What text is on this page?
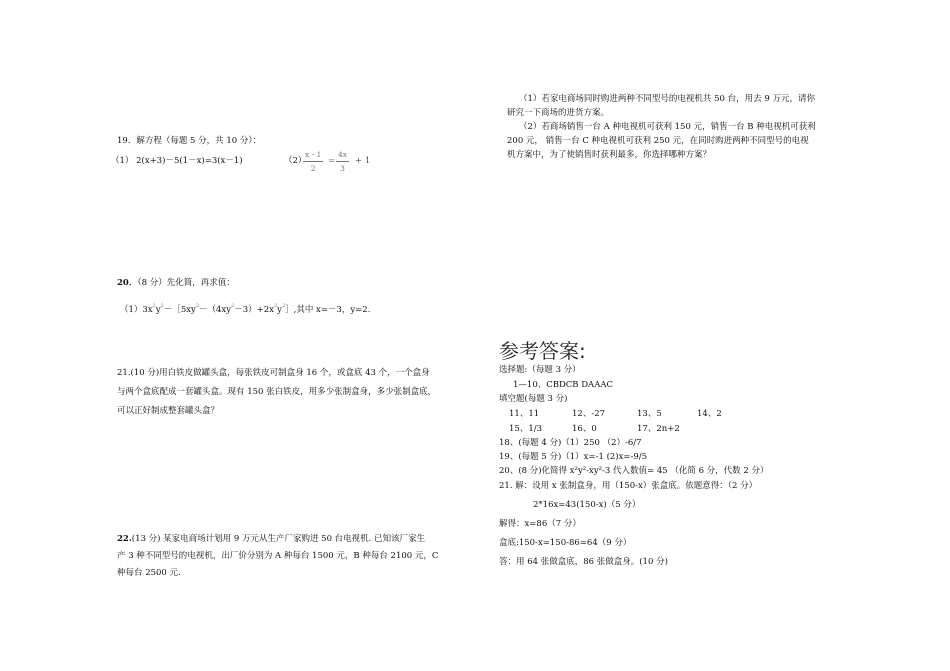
19．解方程（每题 5 分，共 10 分）：
（1） 2(x+3)－5(1－x)=3(x－1)	（2）
$\frac{x - 1}{2} = \frac{4x}{3} + 1$
20．（8 分）先化简，再求值：
$(1)3x^2y^2-[5xy^2-(4xy^2-3)+2x^2y^2]$,其中 x=－3，y=2.
21.(10 分)用白铁皮做罐头盒，每张铁皮可制盒身 16 个，或盒底 43 个，一个盒身
与两个盒底配成一套罐头盒。现有 150 张白铁皮，用多少张制盒身，多少张制盒底，
可以正好制成整套罐头盒？
22.(13 分) 某家电商场计划用 9 万元从生产厂家购进 50 台电视机. 已知该厂家生
产 3 种不同型号的电视机，出厂价分别为 A 种每台 1500 元，B 种每台 2100 元，C
种每台 2500 元.
（1）若家电商场同时购进两种不同型号的电视机共 50 台，用去 9 万元，请你
研究一下商场的进货方案。
（2）若商场销售一台 A 种电视机可获利 150 元，销售一台 B 种电视机可获利
200 元， 销售一台 C 种电视机可获利 250 元，在同时购进两种不同型号的电视
机方案中，为了使销售时获利最多，你选择哪种方案？
参考答案:
选择题:（每题 3 分）
1—10、CBDCB DAAAC
填空题(每题 3 分)
11、11	12、-27	13、5	14、2
15、1/3	16、0	17、2n+2
18、(每题 4 分)（1）250 （2）-6/7
19、(每题 5 分)（1）x=-1 (2)x=-9/5
20、(8 分)化简得 x²y²-xy²-3 代入数值= 45 （化简 6 分，代数 2 分）
21. 解：设用 x 张制盒身，用（150-x）张盒底。依题意得：（2 分）
2*16x=43(150-x)（5 分）
解得：x=86（7 分）
盒底:150-x=150-86=64（9 分）
答：用 64 张做盒底，86 张做盒身。(10 分)
